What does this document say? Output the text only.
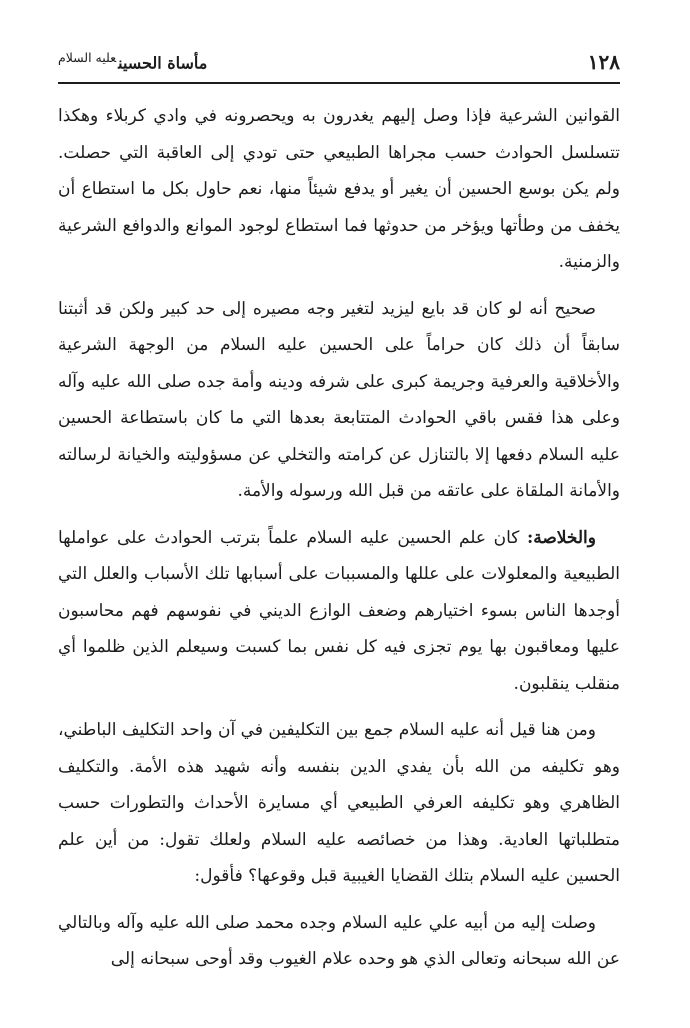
١٢٨
مأساة الحسين$^{عليه السلام}$

القوانين الشرعية فإذا وصل إليهم يغدرون به ويحصرونه في وادي كربلاء وهكذا تتسلسل الحوادث حسب مجراها الطبيعي حتى تودي إلى العاقبة التي حصلت. ولم يكن بوسع الحسين أن يغير أو يدفع شيئاً منها، نعم حاول بكل ما استطاع أن يخفف من وطأتها ويؤخر من حدوثها فما استطاع لوجود الموانع والدوافع الشرعية والزمنية.

صحيح أنه لو كان قد بايع ليزيد لتغير وجه مصيره إلى حد كبير ولكن قد أثبتنا سابقاً أن ذلك كان حراماً على الحسين عليه السلام من الوجهة الشرعية والأخلاقية والعرفية وجريمة كبرى على شرفه ودينه وأمة جده صلى الله عليه وآله وعلى هذا فقس باقي الحوادث المتتابعة بعدها التي ما كان باستطاعة الحسين عليه السلام دفعها إلا بالتنازل عن كرامته والتخلي عن مسؤوليته والخيانة لرسالته والأمانة الملقاة على عاتقه من قبل الله ورسوله والأمة.

والخلاصة: كان علم الحسين عليه السلام علماً بترتب الحوادث على عواملها الطبيعية والمعلولات على عللها والمسببات على أسبابها تلك الأسباب والعلل التي أوجدها الناس بسوء اختيارهم وضعف الوازع الديني في نفوسهم فهم محاسبون عليها ومعاقبون بها يوم تجزى فيه كل نفس بما كسبت وسيعلم الذين ظلموا أي منقلب ينقلبون.

ومن هنا قيل أنه عليه السلام جمع بين التكليفين في آن واحد التكليف الباطني، وهو تكليفه من الله بأن يفدي الدين بنفسه وأنه شهيد هذه الأمة. والتكليف الظاهري وهو تكليفه العرفي الطبيعي أي مسايرة الأحداث والتطورات حسب متطلباتها العادية. وهذا من خصائصه عليه السلام ولعلك تقول: من أين علم الحسين عليه السلام بتلك القضايا الغيبية قبل وقوعها؟ فأقول:

وصلت إليه من أبيه علي عليه السلام وجده محمد صلى الله عليه وآله وبالتالي عن الله سبحانه وتعالى الذي هو وحده علام الغيوب وقد أوحى سبحانه إلى
